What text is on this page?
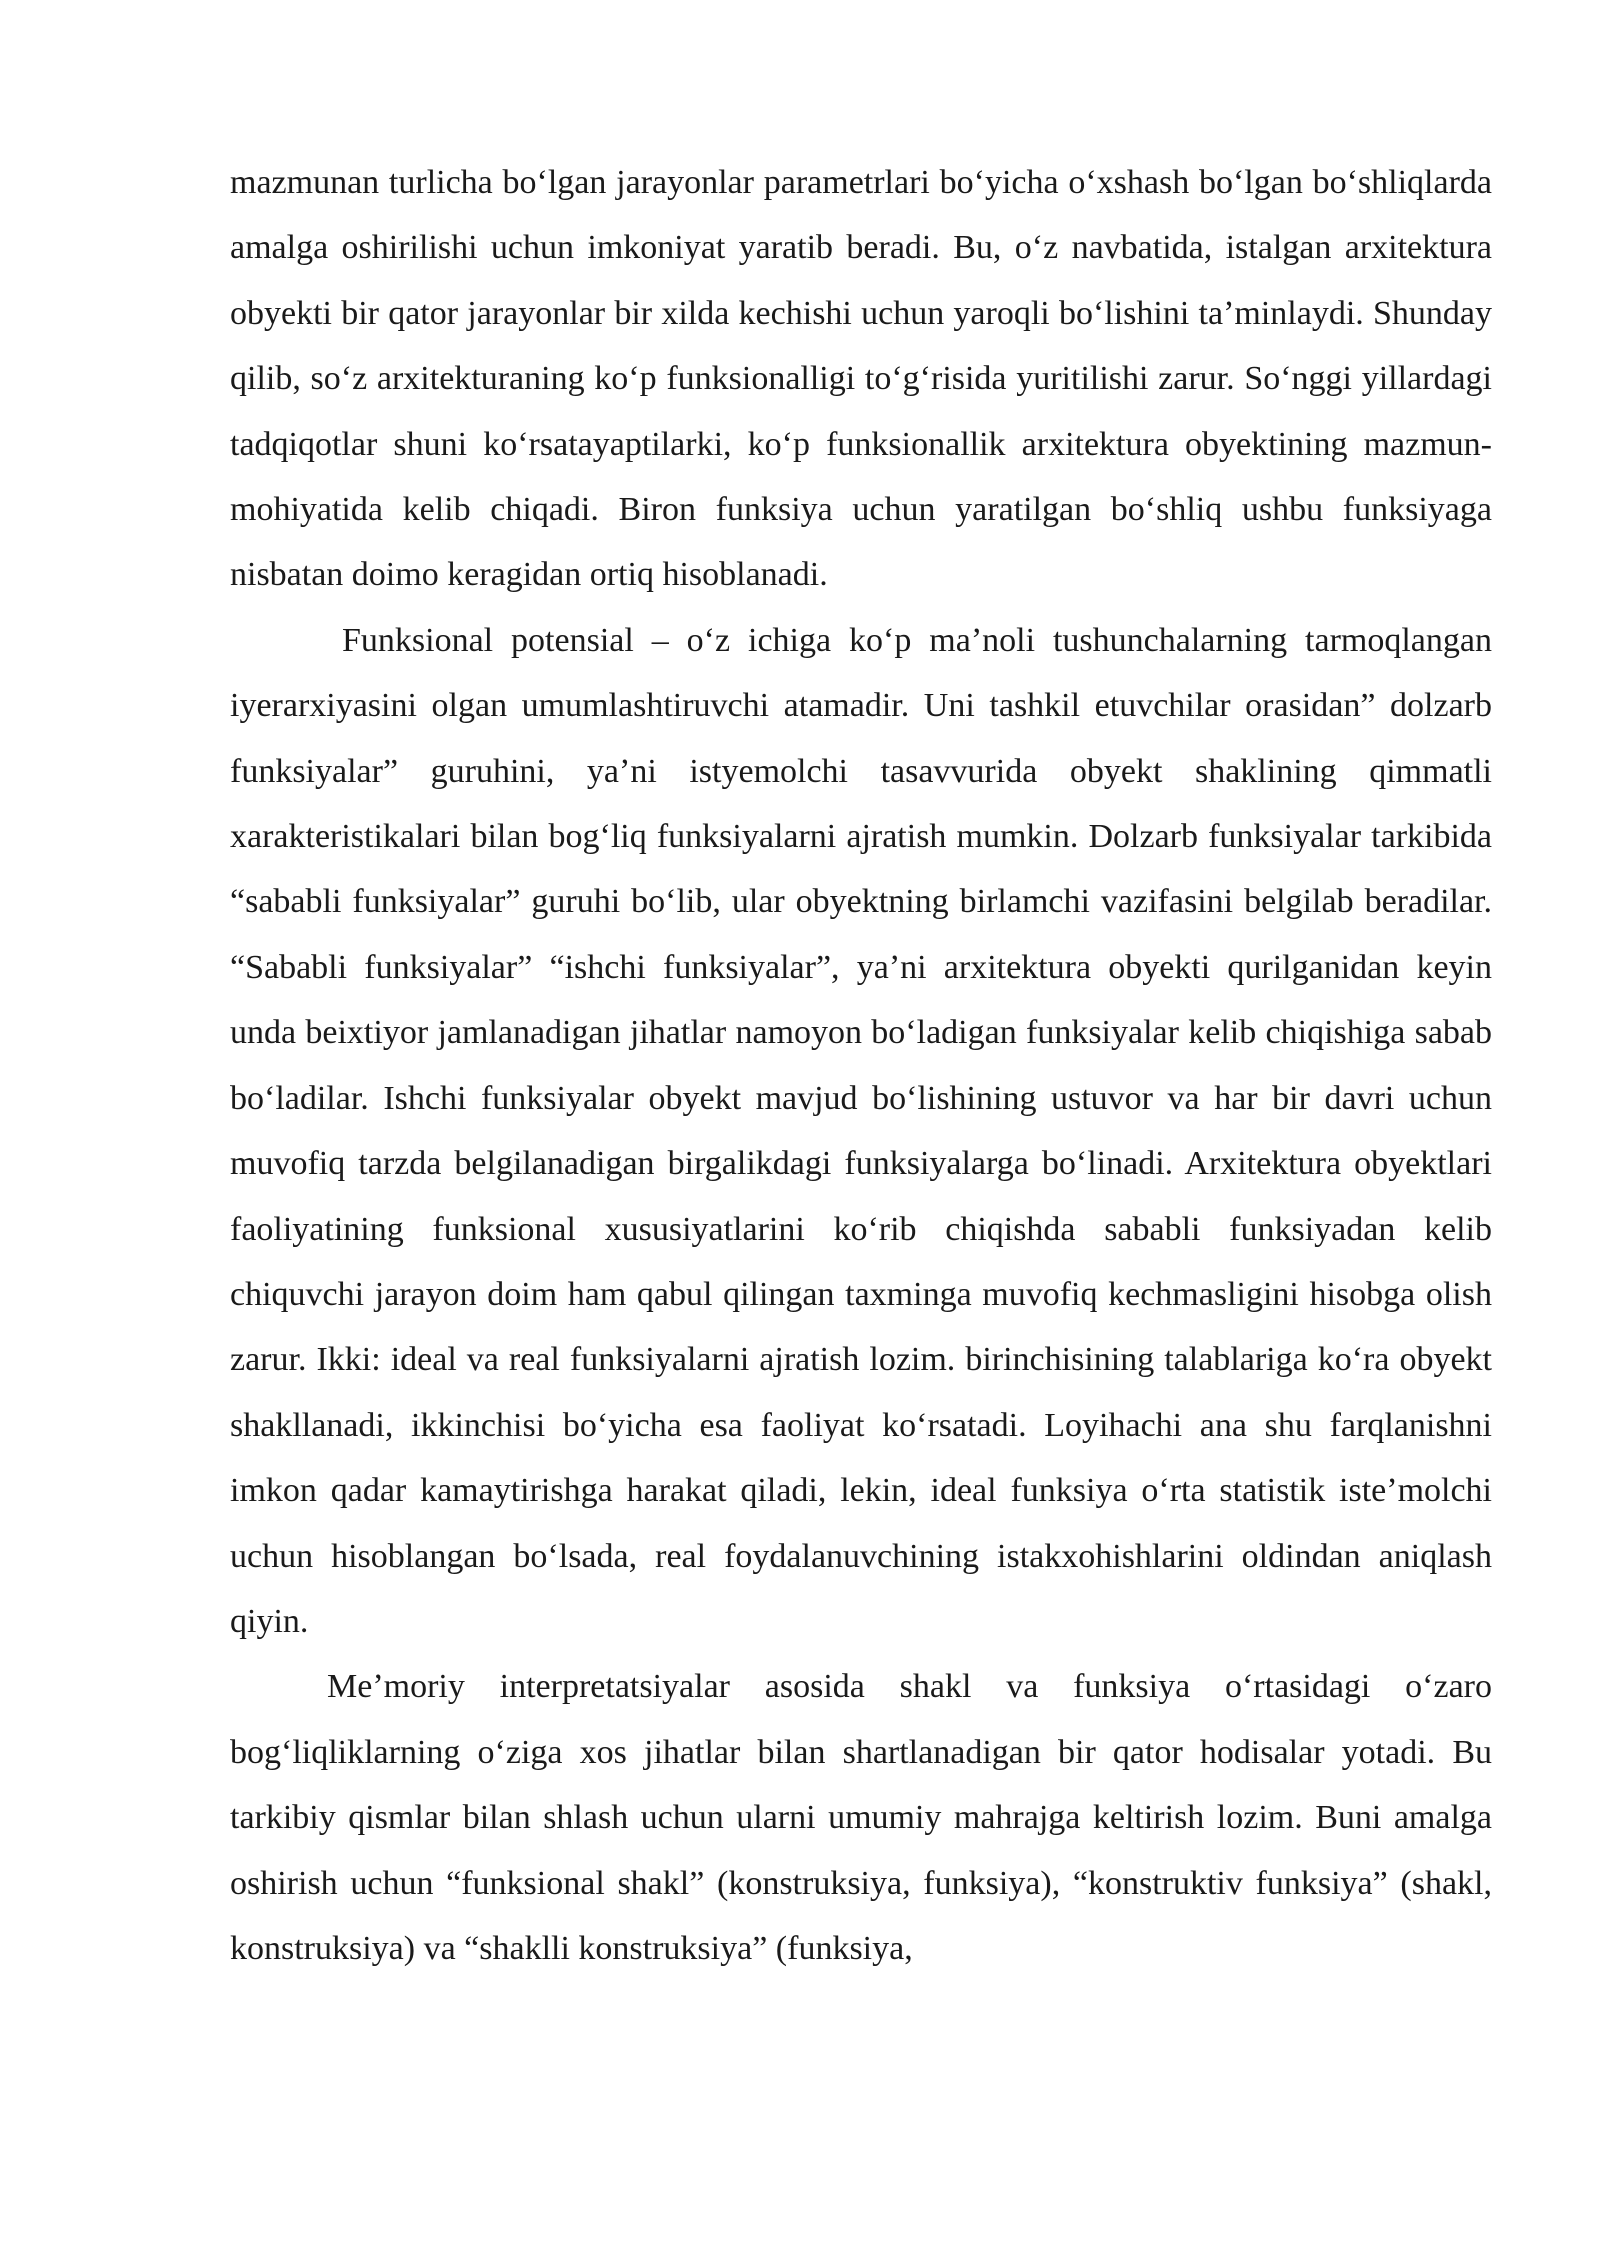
mazmunan turlicha boʻlgan jarayonlar parametrlari boʻyicha oʻxshash boʻlgan boʻshliqlarda amalga oshirilishi uchun imkoniyat yaratib beradi. Bu, oʻz navbatida, istalgan arxitektura obyekti bir qator jarayonlar bir xilda kechishi uchun yaroqli boʻlishini taʼminlaydi. Shunday qilib, soʻz arxitekturaning koʻp funksionalligi toʻgʻrisida yuritilishi zarur. Soʻnggi yillardagi tadqiqotlar shuni koʻrsatayaptilarki, koʻp funksionallik arxitektura obyektining mazmun-mohiyatida kelib chiqadi. Biron funksiya uchun yaratilgan boʻshliq ushbu funksiyaga nisbatan doimo keragidan ortiq hisoblanadi.

Funksional potensial – oʻz ichiga koʻp maʼnoli tushunchalarning tarmoqlangan iyerarxiyasini olgan umumlashtiruvchi atamadir. Uni tashkil etuvchilar orasidan” dolzarb funksiyalar” guruhini, yaʼni istyemolchi tasavvurida obyekt shaklining qimmatli xarakteristikalari bilan bogʻliq funksiyalarni ajratish mumkin. Dolzarb funksiyalar tarkibida “sababli funksiyalar” guruhi boʻlib, ular obyektning birlamchi vazifasini belgilab beradilar. “Sababli funksiyalar” “ishchi funksiyalar”, yaʼni arxitektura obyekti qurilganidan keyin unda beixtiyor jamlanadigan jihatlar namoyon boʻladigan funksiyalar kelib chiqishiga sabab boʻladilar. Ishchi funksiyalar obyekt mavjud boʻlishining ustuvor va har bir davri uchun muvofiq tarzda belgilanadigan birgalikdagi funksiyalarga boʻlinadi. Arxitektura obyektlari faoliyatining funksional xususiyatlarini koʻrib chiqishda sababli funksiyadan kelib chiquvchi jarayon doim ham qabul qilingan taxminga muvofiq kechmasligini hisobga olish zarur. Ikki: ideal va real funksiyalarni ajratish lozim. birinchisining talablariga koʻra obyekt shakllanadi, ikkinchisi boʻyicha esa faoliyat koʻrsatadi. Loyihachi ana shu farqlanishni imkon qadar kamaytirishga harakat qiladi, lekin, ideal funksiya oʻrta statistik isteʼmolchi uchun hisoblangan boʻlsada, real foydalanuvchining istakxohishlarini oldindan aniqlash qiyin.

Meʼmoriy interpretatsiyalar asosida shakl va funksiya oʻrtasidagi oʻzaro bogʻliqliklarning oʻziga xos jihatlar bilan shartlanadigan bir qator hodisalar yotadi. Bu tarkibiy qismlar bilan shlash uchun ularni umumiy mahrajga keltirish lozim. Buni amalga oshirish uchun “funksional shakl” (konstruksiya, funksiya), “konstruktiv funksiya” (shakl, konstruksiya) va “shaklli konstruksiya” (funksiya,
